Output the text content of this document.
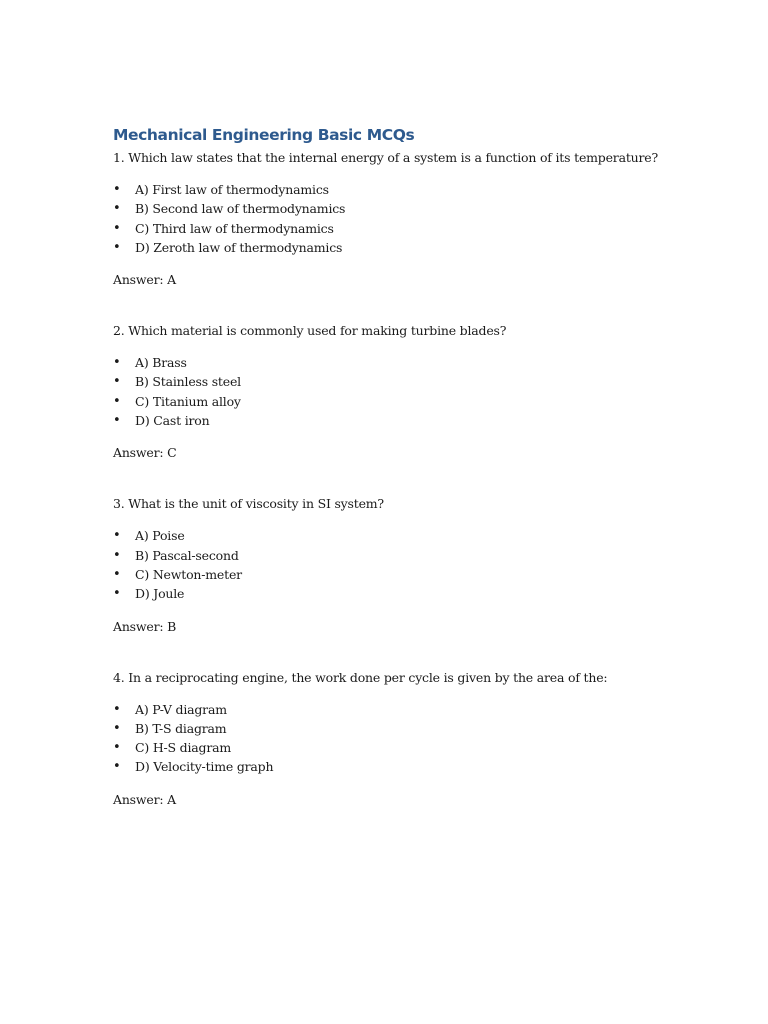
Mechanical Engineering Basic MCQs

1. Which law states that the internal energy of a system is a function of its temperature?

• A) First law of thermodynamics
• B) Second law of thermodynamics
• C) Third law of thermodynamics
• D) Zeroth law of thermodynamics

Answer: A

2. Which material is commonly used for making turbine blades?

• A) Brass
• B) Stainless steel
• C) Titanium alloy
• D) Cast iron

Answer: C

3. What is the unit of viscosity in SI system?

• A) Poise
• B) Pascal-second
• C) Newton-meter
• D) Joule

Answer: B

4. In a reciprocating engine, the work done per cycle is given by the area of the:

• A) P-V diagram
• B) T-S diagram
• C) H-S diagram
• D) Velocity-time graph

Answer: A
